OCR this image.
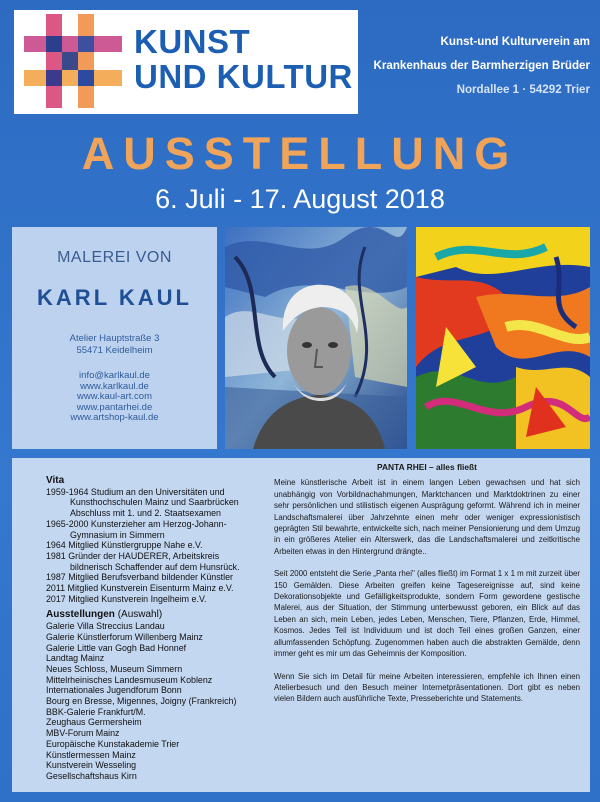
KUNST
UND KULTUR
Kunst-und Kulturverein am
Krankenhaus der Barmherzigen Brüder
Nordallee 1 · 54292 Trier
AUSSTELLUNG
6. Juli - 17. August 2018
MALEREI VON
KARL KAUL
Atelier Hauptstraße 3
55471 Keidelheim
info@karlkaul.de
www.karlkaul.de
www.kaul-art.com
www.pantarhei.de
www.artshop-kaul.de
Vita
1959-1964 Studium an den Universitäten und
Kunsthochschulen Mainz und Saarbrücken
Abschluss mit 1. und 2. Staatsexamen
1965-2000 Kunsterzieher am Herzog-Johann-
Gymnasium in Simmern
1964 Mitglied Künstlergruppe Nahe e.V.
1981 Gründer der HAUDERER, Arbeitskreis
bildnerisch Schaffender auf dem Hunsrück.
1987 Mitglied Berufsverband bildender Künstler
2011 Mitglied Kunstverein Eisenturm Mainz e.V.
2017 Mitglied Kunstverein Ingelheim e.V.
Ausstellungen (Auswahl)
Galerie Villa Streccius Landau
Galerie Künstlerforum Willenberg Mainz
Galerie Little van Gogh Bad Honnef
Landtag Mainz
Neues Schloss, Museum Simmern
Mittelrheinisches Landesmuseum Koblenz
Internationales Jugendforum Bonn
Bourg en Bresse, Migennes, Joigny (Frankreich)
BBK-Galerie Frankfurt/M.
Zeughaus Germersheim
MBV-Forum Mainz
Europäische Kunstakademie Trier
Künstlermessen Mainz
Kunstverein Wesseling
Gesellschaftshaus Kirn
PANTA RHEI – alles fließt

Meine künstlerische Arbeit ist in einem langen Leben gewachsen und hat sich unabhängig von Vorbildnachahmungen, Marktchancen und Marktdoktrinen zu einer sehr persönlichen und stilistisch eigenen Ausprägung geformt. Während ich in meiner Landschaftsmalerei über Jahrzehnte einen mehr oder weniger expressionistisch geprägten Stil bewahrte, entwickelte sich, nach meiner Pensionierung und dem Umzug in ein größeres Atelier ein Alterswerk, das die Landschaftsmalerei und zeitkritische Arbeiten etwas in den Hintergrund drängte..

Seit 2000 entsteht die Serie „Panta rhei" (alles fließt) im Format 1 x 1 m mit zurzeit über 150 Gemälden. Diese Arbeiten greifen keine Tagesereignisse auf, sind keine Dekorationsobjekte und Gefälligkeitsprodukte, sondern Form gewordene gestische Malerei, aus der Situation, der Stimmung unterbewusst geboren, ein Blick auf das Leben an sich, mein Leben, jedes Leben, Menschen, Tiere, Pflanzen, Erde, Himmel, Kosmos. Jedes Teil ist Individuum und ist doch Teil eines großen Ganzen, einer allumfassenden Schöpfung. Zugenommen haben auch die abstrakten Gemälde, denn immer geht es mir um das Geheimnis der Komposition.

Wenn Sie sich im Detail für meine Arbeiten interessieren, empfehle ich Ihnen einen Atelierbesuch und den Besuch meiner Internetpräsentationen. Dort gibt es neben vielen Bildern auch ausführliche Texte, Presseberichte und Statements.
